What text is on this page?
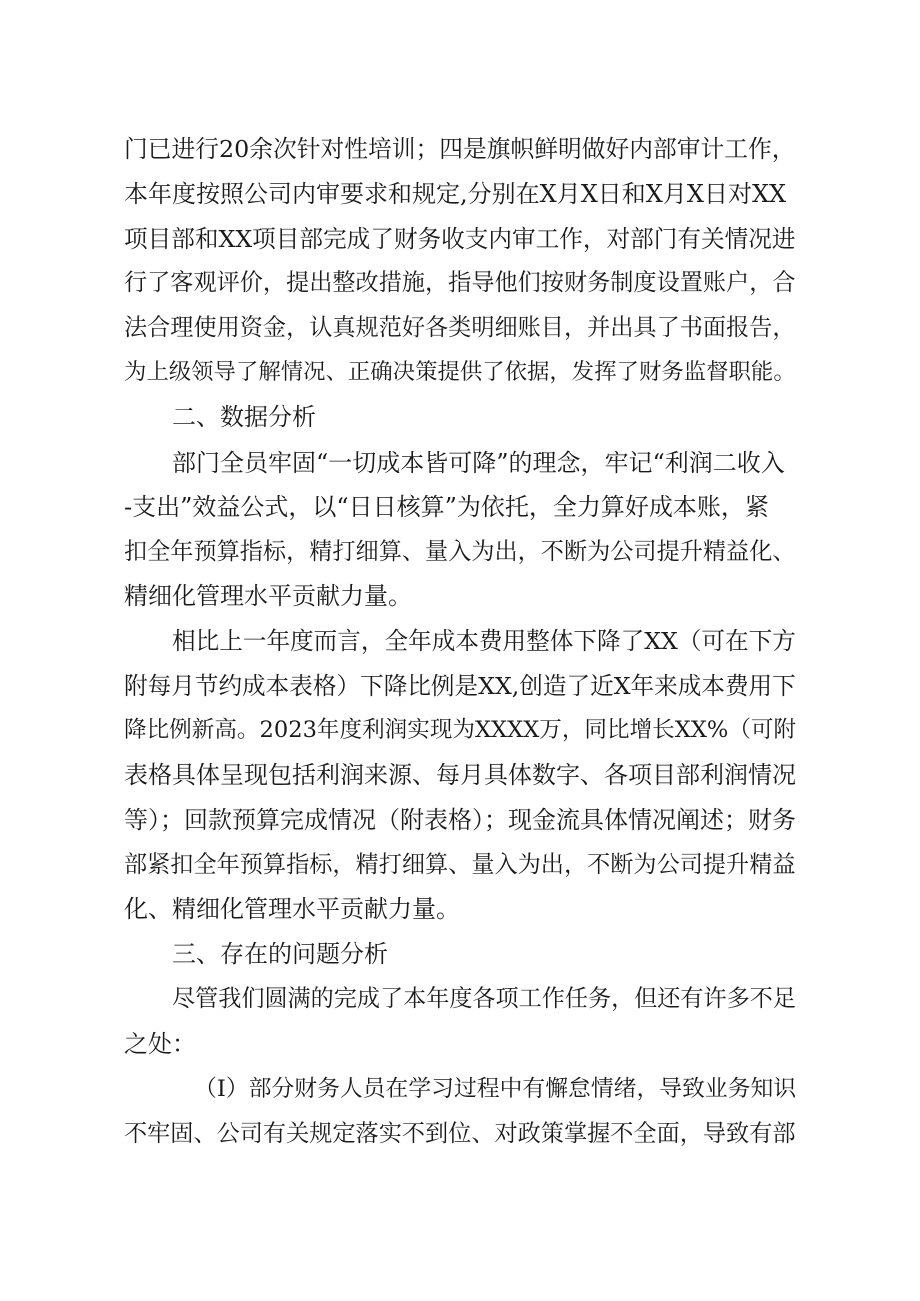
门已进行20余次针对性培训；四是旗帜鲜明做好内部审计工作，

本年度按照公司内审要求和规定,分别在X月X日和X月X日对XX

项目部和XX项目部完成了财务收支内审工作，对部门有关情况进

行了客观评价，提出整改措施，指导他们按财务制度设置账户，合

法合理使用资金，认真规范好各类明细账目，并出具了书面报告，

为上级领导了解情况、正确决策提供了依据，发挥了财务监督职能。

二、数据分析

部门全员牢固“一切成本皆可降”的理念，牢记“利润二收入

-支出”效益公式，以“日日核算”为依托，全力算好成本账，紧

扣全年预算指标，精打细算、量入为出，不断为公司提升精益化、

精细化管理水平贡献力量。

相比上一年度而言，全年成本费用整体下降了XX（可在下方

附每月节约成本表格）下降比例是XX,创造了近X年来成本费用下

降比例新高。2023年度利润实现为XXXX万，同比增长XX%（可附

表格具体呈现包括利润来源、每月具体数字、各项目部利润情况

等）；回款预算完成情况（附表格）；现金流具体情况阐述；财务

部紧扣全年预算指标，精打细算、量入为出，不断为公司提升精益

化、精细化管理水平贡献力量。

三、存在的问题分析

尽管我们圆满的完成了本年度各项工作任务，但还有许多不足

之处：

（I）部分财务人员在学习过程中有懈怠情绪，导致业务知识

不牢固、公司有关规定落实不到位、对政策掌握不全面，导致有部
